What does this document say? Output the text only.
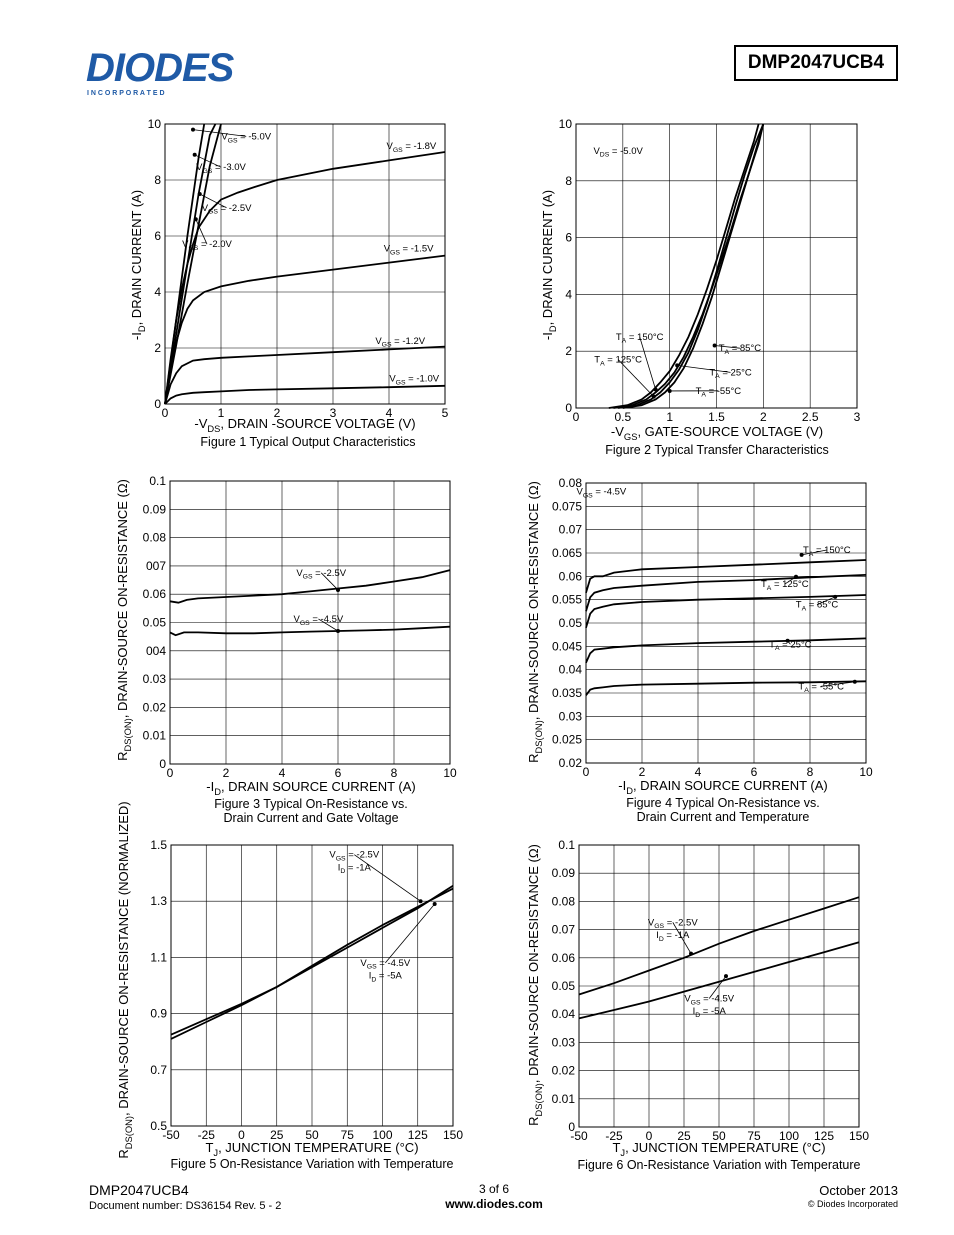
DIODES
I N C O R P O R A T E D
DMP2047UCB4
0	1	2	3	4	5
0
2
4
6
8
10
$V_{GS} = -5.0V$
$V_{GS} = -3.0V$
$V_{GS} = -2.5V$
$V_{GS} = -2.0V$
$V_{GS} = -1.8V$
$V_{GS} = -1.5V$
$V_{GS} = -1.2V$
$V_{GS} = -1.0V$
$-V_{DS}$, DRAIN -SOURCE VOLTAGE (V)
Figure 1 Typical Output Characteristics
$-I_D$, DRAIN CURRENT (A)
0	0.5	1	1.5	2	2.5	3
0
2
4
6
8
10
$V_{DS} = -5.0V$
$T_A = 150^\circ C$
$T_A = 125^\circ C$
$T_A = 85^\circ C$
$T_A = 25^\circ C$
$T_A = -55^\circ C$
$-V_{GS}$, GATE-SOURCE VOLTAGE (V)
Figure 2 Typical Transfer Characteristics
$-I_D$, DRAIN CURRENT (A)
0	2	4	6	8	10
0
0.01
0.02
0.03
004
0.05
0.06
007
0.08
0.09
0.1
$V_{GS} = -2.5V$
$V_{GS} = -4.5V$
$-I_D$, DRAIN SOURCE CURRENT (A)
Figure 3 Typical On-Resistance vs. Drain Current and Gate Voltage
$R_{DS(ON)}$, DRAIN-SOURCE ON-RESISTANCE (Ω)
0	2	4	6	8	10
0.02
0.025
0.03
0.035
0.04
0.045
0.05
0.055
0.06
0.065
0.07
0.075
0.08
$V_{GS} = -4.5V$
$T_A = 150^\circ C$
$T_A = 125^\circ C$
$T_A = 85^\circ C$
$T_A = 25^\circ C$
$T_A = -55^\circ C$
$-I_D$, DRAIN SOURCE CURRENT (A)
Figure 4 Typical On-Resistance vs. Drain Current and Temperature
$R_{DS(ON)}$, DRAIN-SOURCE ON-RESISTANCE (Ω)
-50 -25 0 25 50 75 100 125 150
0.5
0.7
0.9
1.1
1.3
1.5
$V_{GS} = -2.5V$
$I_D = -1A$
$V_{GS} = -4.5V$
$I_D = -5A$
$T_J$, JUNCTION TEMPERATURE (°C)
Figure 5 On-Resistance Variation with Temperature
$R_{DS(ON)}$, DRAIN-SOURCE ON-RESISTANCE (NORMALIZED)
-50 -25 0 25 50 75 100 125 150
0
0.01
0.02
0.03
0.04
0.05
0.06
0.07
0.08
0.09
0.1
$V_{GS} = -2.5V$
$I_D = -1A$
$V_{GS} = -4.5V$
$I_D = -5A$
$T_J$, JUNCTION TEMPERATURE (°C)
Figure 6 On-Resistance Variation with Temperature
$R_{DS(ON)}$, DRAIN-SOURCE ON-RESISTANCE (Ω)
DMP2047UCB4
Document number: DS36154 Rev. 5 - 2
3 of 6
www.diodes.com
October 2013
© Diodes Incorporated
